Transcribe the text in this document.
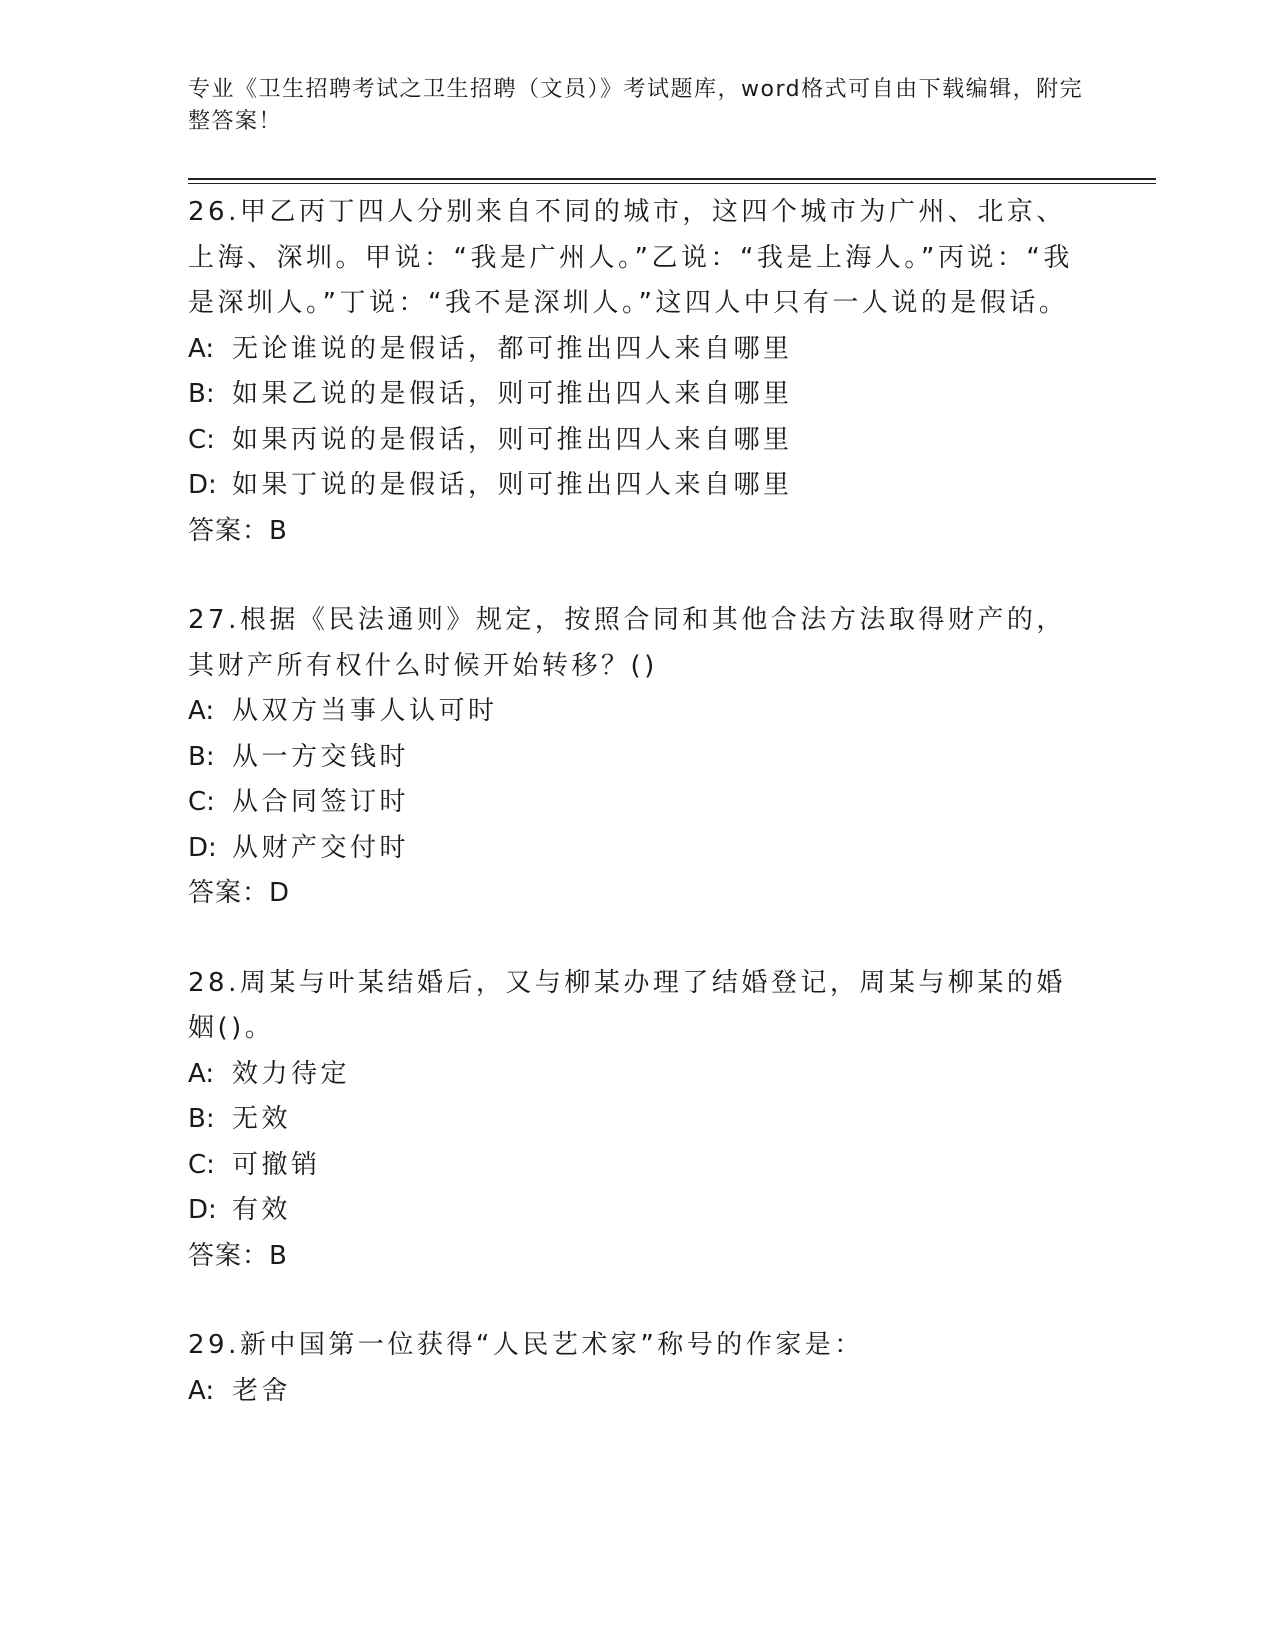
专业《卫生招聘考试之卫生招聘（文员）》考试题库，word格式可自由下载编辑，附完整答案！

26.甲乙丙丁四人分别来自不同的城市，这四个城市为广州、北京、上海、深圳。甲说：“我是广州人。”乙说：“我是上海人。”丙说：“我是深圳人。”丁说：“我不是深圳人。”这四人中只有一人说的是假话。

A: 无论谁说的是假话，都可推出四人来自哪里

B: 如果乙说的是假话，则可推出四人来自哪里

C: 如果丙说的是假话，则可推出四人来自哪里

D: 如果丁说的是假话，则可推出四人来自哪里

答案：B

27.根据《民法通则》规定，按照合同和其他合法方法取得财产的，其财产所有权什么时候开始转移？()

A: 从双方当事人认可时

B: 从一方交钱时

C: 从合同签订时

D: 从财产交付时

答案：D

28.周某与叶某结婚后，又与柳某办理了结婚登记，周某与柳某的婚姻()。

A: 效力待定

B: 无效

C: 可撤销

D: 有效

答案：B

29.新中国第一位获得“人民艺术家”称号的作家是：

A: 老舍
